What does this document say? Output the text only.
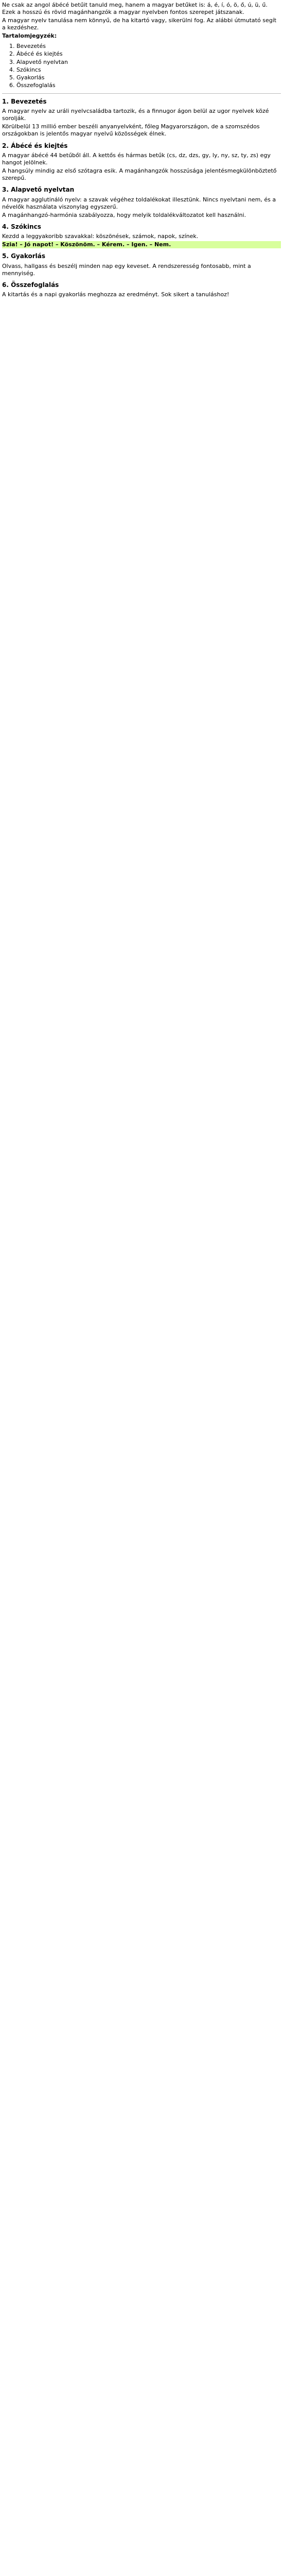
Ne csak az angol ábécé betűit tanuld meg, hanem a magyar betűket is: á, é, í, ó, ö, ő, ú, ü, ű. Ezek a hosszú és rövid magánhangzók a magyar nyelvben fontos szerepet játszanak.

A magyar nyelv tanulása nem könnyű, de ha kitartó vagy, sikerülni fog. Az alábbi útmutató segít a kezdéshez.

Tartalomjegyzék:

1. Bevezetés
2. Ábécé és kiejtés
3. Alapvető nyelvtan
4. Szókincs
5. Gyakorlás
6. Összefoglalás
1. Bevezetés

A magyar nyelv az uráli nyelvcsaládba tartozik, és a finnugor ágon belül az ugor nyelvek közé sorolják.

Körülbelül 13 millió ember beszéli anyanyelvként, főleg Magyarországon, de a szomszédos országokban is jelentős magyar nyelvű közösségek élnek.

2. Ábécé és kiejtés

A magyar ábécé 44 betűből áll. A kettős és hármas betűk (cs, dz, dzs, gy, ly, ny, sz, ty, zs) egy hangot jelölnek.

A hangsúly mindig az első szótagra esik. A magánhangzók hosszúsága jelentésmegkülönböztető szerepű.

3. Alapvető nyelvtan

A magyar agglutináló nyelv: a szavak végéhez toldalékokat illesztünk. Nincs nyelvtani nem, és a névelők használata viszonylag egyszerű.

A magánhangzó-harmónia szabályozza, hogy melyik toldalékváltozatot kell használni.

4. Szókincs

Kezdd a leggyakoribb szavakkal: köszönések, számok, napok, színek.

Szia! – Jó napot! – Köszönöm. – Kérem. – Igen. – Nem.

5. Gyakorlás

Olvass, hallgass és beszélj minden nap egy keveset. A rendszeresség fontosabb, mint a mennyiség.

6. Összefoglalás

A kitartás és a napi gyakorlás meghozza az eredményt. Sok sikert a tanuláshoz!
